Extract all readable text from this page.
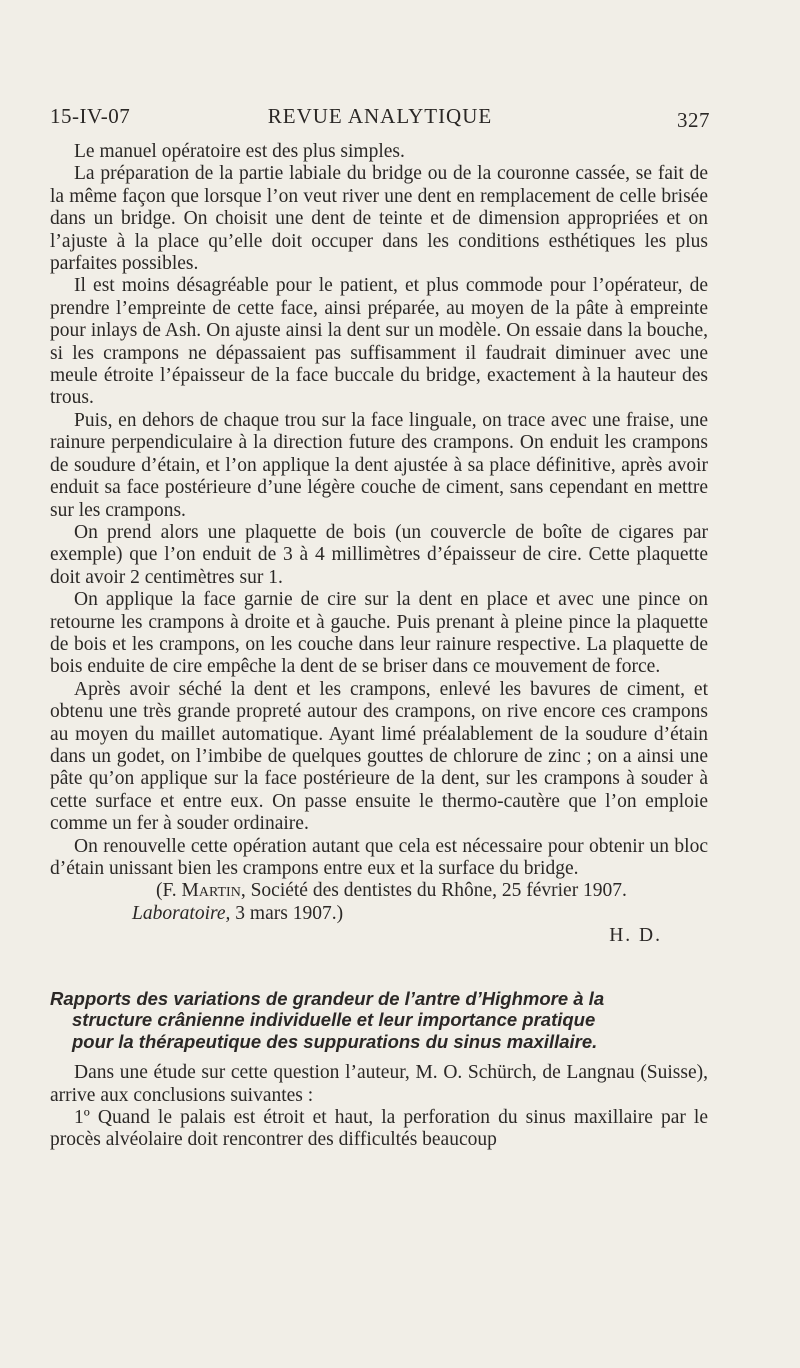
15-IV-07	REVUE ANALYTIQUE	327

Le manuel opératoire est des plus simples.

La préparation de la partie labiale du bridge ou de la couronne cassée, se fait de la même façon que lorsque l’on veut river une dent en remplacement de celle brisée dans un bridge. On choisit une dent de teinte et de dimension appropriées et on l’ajuste à la place qu’elle doit occuper dans les conditions esthétiques les plus parfaites possibles.

Il est moins désagréable pour le patient, et plus commode pour l’opérateur, de prendre l’empreinte de cette face, ainsi préparée, au moyen de la pâte à empreinte pour inlays de Ash. On ajuste ainsi la dent sur un modèle. On essaie dans la bouche, si les crampons ne dépassaient pas suffisamment il faudrait diminuer avec une meule étroite l’épaisseur de la face buccale du bridge, exactement à la hauteur des trous.

Puis, en dehors de chaque trou sur la face linguale, on trace avec une fraise, une rainure perpendiculaire à la direction future des crampons. On enduit les crampons de soudure d’étain, et l’on applique la dent ajustée à sa place définitive, après avoir enduit sa face postérieure d’une légère couche de ciment, sans cependant en mettre sur les crampons.

On prend alors une plaquette de bois (un couvercle de boîte de cigares par exemple) que l’on enduit de 3 à 4 millimètres d’épaisseur de cire. Cette plaquette doit avoir 2 centimètres sur 1.

On applique la face garnie de cire sur la dent en place et avec une pince on retourne les crampons à droite et à gauche. Puis prenant à pleine pince la plaquette de bois et les crampons, on les couche dans leur rainure respective. La plaquette de bois enduite de cire empêche la dent de se briser dans ce mouvement de force.

Après avoir séché la dent et les crampons, enlevé les bavures de ciment, et obtenu une très grande propreté autour des crampons, on rive encore ces crampons au moyen du maillet automatique. Ayant limé préalablement de la soudure d’étain dans un godet, on l’imbibe de quelques gouttes de chlorure de zinc ; on a ainsi une pâte qu’on applique sur la face postérieure de la dent, sur les crampons à souder à cette surface et entre eux. On passe ensuite le thermo-cautère que l’on emploie comme un fer à souder ordinaire.

On renouvelle cette opération autant que cela est nécessaire pour obtenir un bloc d’étain unissant bien les crampons entre eux et la surface du bridge.

(F. Martin, Société des dentistes du Rhône, 25 février 1907.
Laboratoire, 3 mars 1907.)

H. D.

Rapports des variations de grandeur de l’antre d’Highmore à la
structure crânienne individuelle et leur importance pratique
pour la thérapeutique des suppurations du sinus maxillaire.

Dans une étude sur cette question l’auteur, M. O. Schürch, de Langnau (Suisse), arrive aux conclusions suivantes :

1º Quand le palais est étroit et haut, la perforation du sinus maxillaire par le procès alvéolaire doit rencontrer des difficultés beaucoup
